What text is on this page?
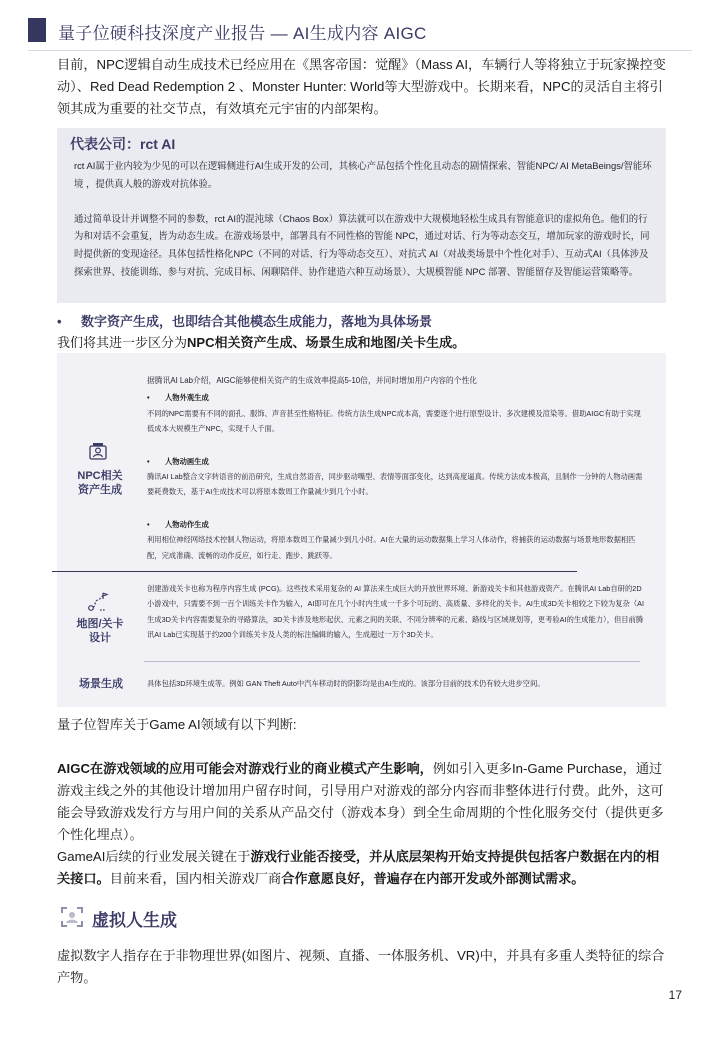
量子位硬科技深度产业报告 — AI生成内容 AIGC
目前，NPC逻辑自动生成技术已经应用在《黑客帝国：觉醒》（Mass AI，车辆行人等将独立于玩家操控变动）、Red Dead Redemption 2 、Monster Hunter: World等大型游戏中。长期来看，NPC的灵活自主将引领其成为重要的社交节点，有效填充元宇宙的内部架构。
代表公司：rct AI

rct AI属于业内较为少见的可以在逻辑侧进行AI生成开发的公司，其核心产品包括个性化且动态的剧情探索、智能NPC/ AI MetaBeings/智能环境 ，提供真人般的游戏对抗体验。

通过简单设计并调整不同的参数，rct AI的混沌球（Chaos Box）算法就可以在游戏中大规模地轻松生成具有智能意识的虚拟角色。他们的行为和对话不会重复，皆为动态生成。在游戏场景中，部署具有不同性格的智能 NPC，通过对话、行为等动态交互，增加玩家的游戏时长，同时提供新的变现途径。具体包括性格化NPC（不同的对话、行为等动态交互）、对抗式 AI（对战类场景中个性化对手）、互动式AI（具体涉及探索世界、技能训练、参与对抗、完成目标、闲聊陪伴、协作建造六种互动场景）、大规模智能 NPC 部署、智能留存及智能运营策略等。

• 数字资产生成，也即结合其他模态生成能力，落地为具体场景
我们将其进一步区分为NPC相关资产生成、场景生成和地图/关卡生成。
NPC相关
资产生成

据腾讯AI Lab介绍，AIGC能够使相关资产的生成效率提高5-10倍，并同时增加用户内容的个性化

• 人物外观生成

不同的NPC需要有不同的面孔、服饰、声音甚至性格特征。传统方法生成NPC成本高，需要逐个进行原型设计、多次建模及渲染等。借助AIGC有助于实现低成本大规模生产NPC，实现千人千面。

• 人物动画生成

腾讯AI Lab整合文字转语音的前沿研究，生成自然语音，同步驱动嘴型、表情等面部变化，达到高度逼真。传统方法成本极高，且制作一分钟的人物动画需要耗费数天，基于AI生成技术可以将原本数周工作量减少到几个小时。

• 人物动作生成

利用相位神经网络技术控制人物运动，将原本数周工作量减少到几小时。AI在大量的运动数据集上学习人体动作，将捕获的运动数据与场景地形数据相匹配，完成准确、流畅的动作反应，如行走、跑步、跳跃等。

地图/关卡
设计

创建游戏关卡也称为程序内容生成 (PCG)。这些技术采用复杂的 AI 算法来生成巨大的开放世界环境、新游戏关卡和其他游戏资产。在腾讯AI Lab自研的2D小游戏中，只需要不到一百个训练关卡作为输入，AI即可在几个小时内生成一千多个可玩的、高质量、多样化的关卡。AI生成3D关卡相较之下较为复杂（AI生成3D关卡内容需要复杂的寻路算法，3D关卡涉及地形起伏、元素之间的关联、不同分辨率的元素、路线与区域规划等，更考验AI的生成能力），但目前腾讯AI Lab已实现基于约200个训练关卡及人类的标注编辑的输入，生成超过一万个3D关卡。

场景生成	具体包括3D环境生成等。例如 GAN Theft Auto中汽车移动时的阴影均是由AI生成的。该部分目前的技术仍有较大进步空间。

量子位智库关于Game AI领域有以下判断:
AIGC在游戏领域的应用可能会对游戏行业的商业模式产生影响，例如引入更多In-Game Purchase，通过游戏主线之外的其他设计增加用户留存时间，引导用户对游戏的部分内容而非整体进行付费。此外，这可能会导致游戏发行方与用户间的关系从产品交付（游戏本身）到全生命周期的个性化服务交付（提供更多个性化埋点）。
GameAI后续的行业发展关键在于游戏行业能否接受，并从底层架构开始支持提供包括客户数据在内的相关接口。目前来看，国内相关游戏厂商合作意愿良好，普遍存在内部开发或外部测试需求。
虚拟人生成
虚拟数字人指存在于非物理世界(如图片、视频、直播、一体服务机、VR)中，并具有多重人类特征的综合产物。
17
